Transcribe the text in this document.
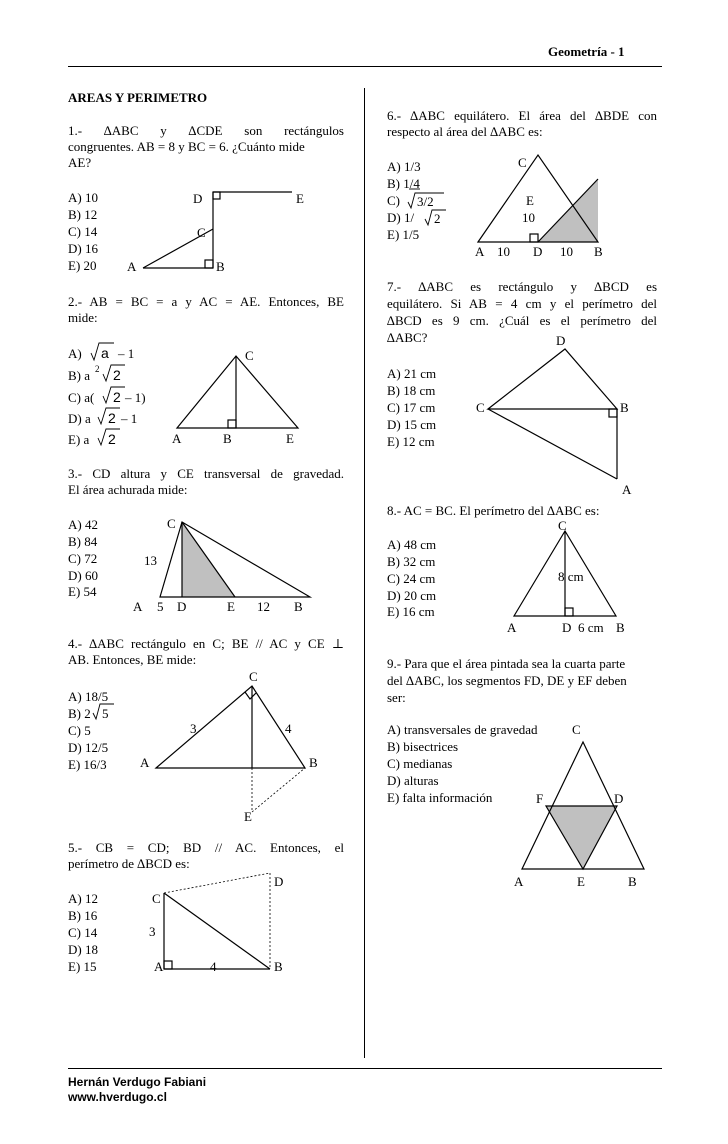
Geometría - 1
AREAS Y PERIMETRO
1.- ∆ABC y ∆CDE son rectángulos
congruentes. AB = 8 y BC = 6. ¿Cuánto mide
AE?
A) 10
B) 12
C) 14
D) 16
E) 20
D	E
C
A	B
2.- AB = BC = a y AC = AE. Entonces, BE
mide:
A)
B) a
C) a(
D) a
E) a
a – 1
2 2
2 – 1)
2 – 1
2
C
A	B	E
3.- CD altura y CE transversal de gravedad.
El área achurada mide:
A) 42
B) 84
C) 72
D) 60
E) 54
C
13
A 5 D	E 12 B
4.- ∆ABC rectángulo en C; BE // AC y CE ⊥
AB. Entonces, BE mide:
A) 18/5
B) 2
C) 5
D) 12/5
E) 16/3
5
C
3	4
A	B
E
5.- CB = CD; BD // AC. Entonces, el
perímetro de ∆BCD es:
A) 12
B) 16
C) 14
D) 18
E) 15
D
C
3
A	4	B
6.- ∆ABC equilátero. El área del ∆BDE con
respecto al área del ∆ABC es:
A) 1/3
B) 1/4
C)
D) 1/
E) 1/5
3/2
2
C
E
10
A 10 D 10 B
7.- ∆ABC es rectángulo y ∆BCD es
equilátero. Si AB = 4 cm y el perímetro del
∆BCD es 9 cm. ¿Cuál es el perímetro del
∆ABC?
A) 21 cm
B) 18 cm
C) 17 cm
D) 15 cm
E) 12 cm
D
C	B
A
8.- AC = BC. El perímetro del ∆ABC es:
A) 48 cm
B) 32 cm
C) 24 cm
D) 20 cm
E) 16 cm
C
8 cm
A	D 6 cm B
9.- Para que el área pintada sea la cuarta parte
del ∆ABC, los segmentos FD, DE y EF deben
ser:
A) transversales de gravedad
B) bisectrices
C) medianas
D) alturas
E) falta información
C
F	D
A	E	B
Hernán Verdugo Fabiani
www.hverdugo.cl
